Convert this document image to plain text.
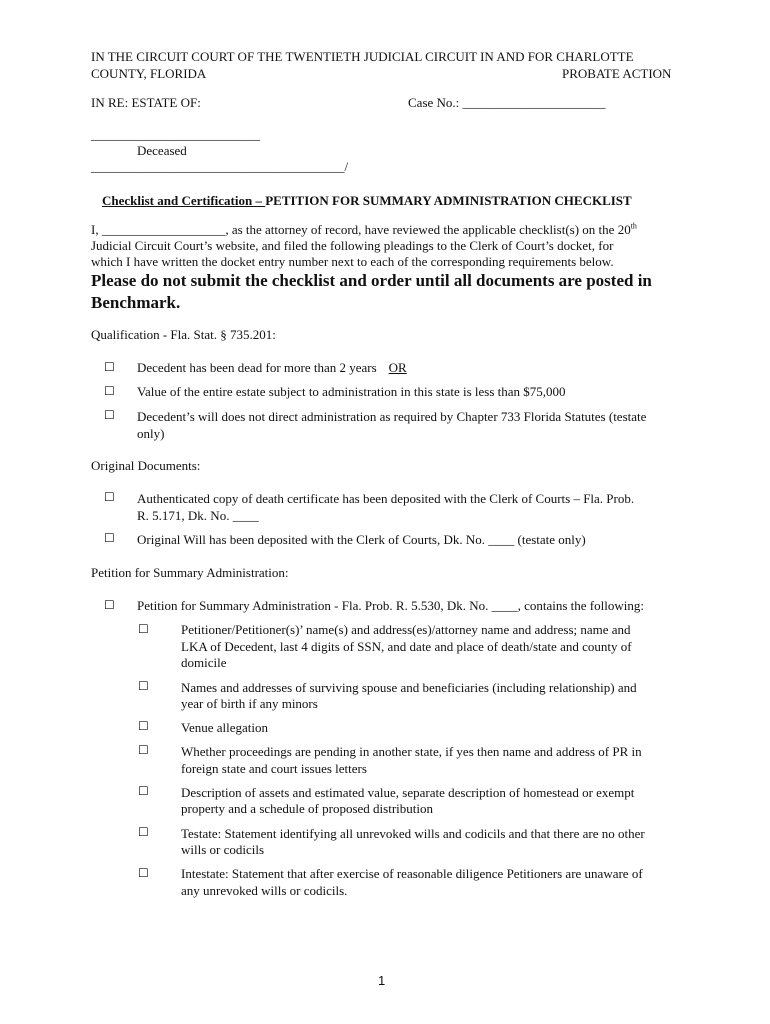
IN THE CIRCUIT COURT OF THE TWENTIETH JUDICIAL CIRCUIT IN AND FOR CHARLOTTE
COUNTY, FLORIDA	PROBATE ACTION
IN RE: ESTATE OF:	Case No.: ______________________
__________________________
Deceased
_______________________________________/
Checklist and Certification – PETITION FOR SUMMARY ADMINISTRATION CHECKLIST
I, ___________________, as the attorney of record, have reviewed the applicable checklist(s) on the 20th
Judicial Circuit Court’s website, and filed the following pleadings to the Clerk of Court’s docket, for
which I have written the docket entry number next to each of the corresponding requirements below.
Please do not submit the checklist and order until all documents are posted in
Benchmark.
Qualification - Fla. Stat. § 735.201:
☐ Decedent has been dead for more than 2 years OR
☐ Value of the entire estate subject to administration in this state is less than $75,000
☐ Decedent’s will does not direct administration as required by Chapter 733 Florida Statutes (testate
only)
Original Documents:
☐ Authenticated copy of death certificate has been deposited with the Clerk of Courts – Fla. Prob.
R. 5.171, Dk. No. ____
☐ Original Will has been deposited with the Clerk of Courts, Dk. No. ____ (testate only)
Petition for Summary Administration:
☐ Petition for Summary Administration - Fla. Prob. R. 5.530, Dk. No. ____, contains the following:
☐ Petitioner/Petitioner(s)’ name(s) and address(es)/attorney name and address; name and
LKA of Decedent, last 4 digits of SSN, and date and place of death/state and county of
domicile
☐ Names and addresses of surviving spouse and beneficiaries (including relationship) and
year of birth if any minors
☐ Venue allegation
☐ Whether proceedings are pending in another state, if yes then name and address of PR in
foreign state and court issues letters
☐ Description of assets and estimated value, separate description of homestead or exempt
property and a schedule of proposed distribution
☐ Testate: Statement identifying all unrevoked wills and codicils and that there are no other
wills or codicils
☐ Intestate: Statement that after exercise of reasonable diligence Petitioners are unaware of
any unrevoked wills or codicils.
1
